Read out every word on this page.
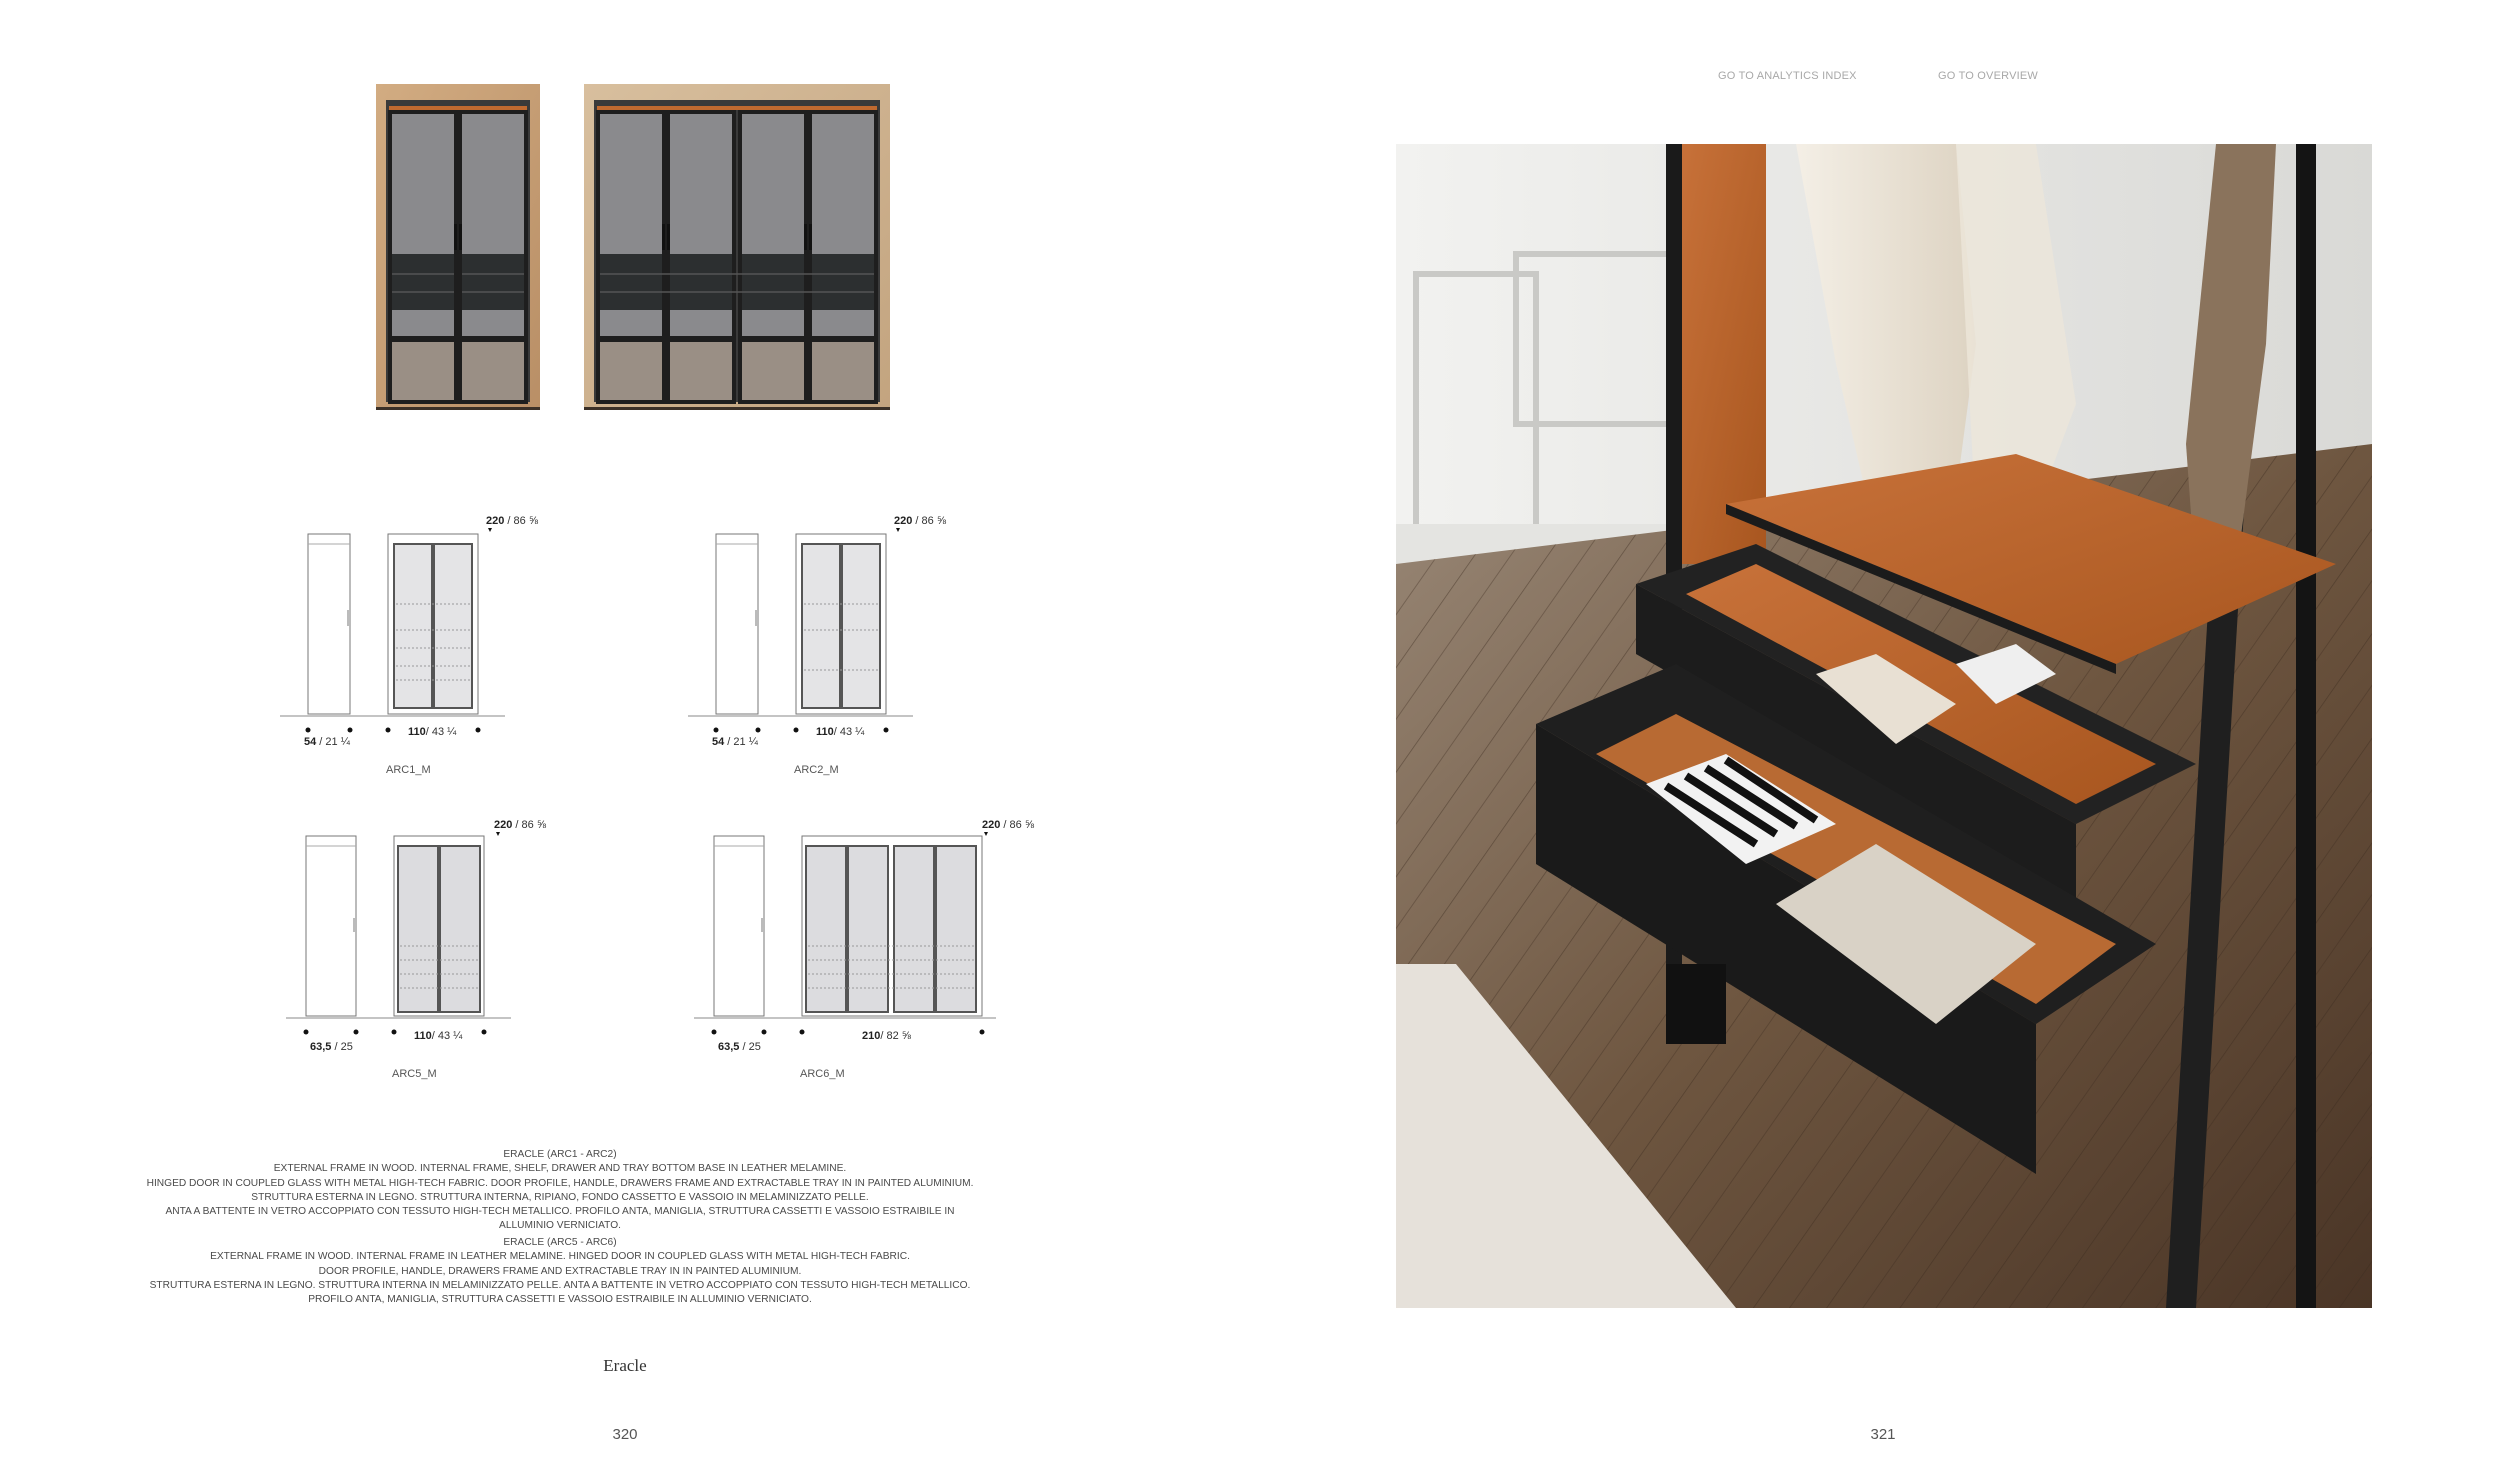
GO TO ANALYTICS INDEX	GO TO OVERVIEW
220 / 86 ⅝
54 / 21 ¼
110/ 43 ¼
ARC1_M
220 / 86 ⅝
54 / 21 ¼
110/ 43 ¼
ARC2_M
220 / 86 ⅝
63,5 / 25
110/ 43 ¼
ARC5_M
220 / 86 ⅝
63,5 / 25
210/ 82 ⅝
ARC6_M

ERACLE (ARC1 - ARC2)

EXTERNAL FRAME IN WOOD. INTERNAL FRAME, SHELF, DRAWER AND TRAY BOTTOM BASE IN LEATHER MELAMINE.

HINGED DOOR IN COUPLED GLASS WITH METAL HIGH-TECH FABRIC. DOOR PROFILE, HANDLE, DRAWERS FRAME AND EXTRACTABLE TRAY IN IN PAINTED ALUMINIUM.

STRUTTURA ESTERNA IN LEGNO. STRUTTURA INTERNA, RIPIANO, FONDO CASSETTO E VASSOIO IN MELAMINIZZATO PELLE.

ANTA A BATTENTE IN VETRO ACCOPPIATO CON TESSUTO HIGH-TECH METALLICO. PROFILO ANTA, MANIGLIA, STRUTTURA CASSETTI E VASSOIO ESTRAIBILE IN ALLUMINIO VERNICIATO.

ERACLE (ARC5 - ARC6)

EXTERNAL FRAME IN WOOD. INTERNAL FRAME IN LEATHER MELAMINE. HINGED DOOR IN COUPLED GLASS WITH METAL HIGH-TECH FABRIC.

DOOR PROFILE, HANDLE, DRAWERS FRAME AND EXTRACTABLE TRAY IN IN PAINTED ALUMINIUM.

STRUTTURA ESTERNA IN LEGNO. STRUTTURA INTERNA IN MELAMINIZZATO PELLE. ANTA A BATTENTE IN VETRO ACCOPPIATO CON TESSUTO HIGH-TECH METALLICO.

PROFILO ANTA, MANIGLIA, STRUTTURA CASSETTI E VASSOIO ESTRAIBILE IN ALLUMINIO VERNICIATO.

Eracle
320	321
